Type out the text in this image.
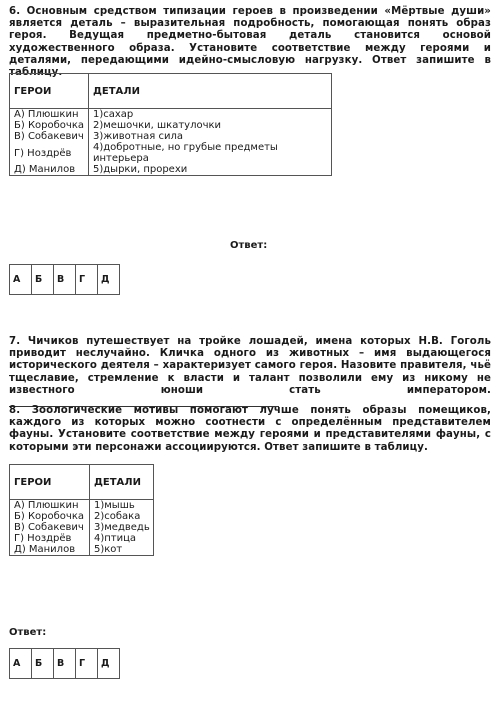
6. Основным средством типизации героев в произведении «Мёртвые души» является деталь – выразительная подробность, помогающая понять образ героя. Ведущая предметно-бытовая деталь становится основой художественного образа. Установите соответствие между героями и деталями, передающими идейно-смысловую нагрузку. Ответ запишите в таблицу.
ГЕРОИ	ДЕТАЛИ
А) Плюшкин	1)сахар
Б) Коробочка	2)мешочки, шкатулочки
В) Собакевич	3)животная сила
Г) Ноздрёв	4)добротные, но грубые предметы интерьера
Д) Манилов	5)дырки, прорехи
Ответ:
А	Б	В	Г	Д
7. Чичиков путешествует на тройке лошадей, имена которых Н.В. Гоголь приводит неслучайно. Кличка одного из животных – имя выдающегося исторического деятеля – характеризует самого героя. Назовите правителя, чьё тщеславие, стремление к власти и талант позволили ему из никому не известного юноши стать императором.
8. Зоологические мотивы помогают лучше понять образы помещиков, каждого из которых можно соотнести с определённым представителем фауны. Установите соответствие между героями и представителями фауны, с которыми эти персонажи ассоциируются. Ответ запишите в таблицу.
ГЕРОИ	ДЕТАЛИ
А) Плюшкин	1)мышь
Б) Коробочка	2)собака
В) Собакевич	3)медведь
Г) Ноздрёв	4)птица
Д) Манилов	5)кот
Ответ:
А	Б	В	Г	Д
